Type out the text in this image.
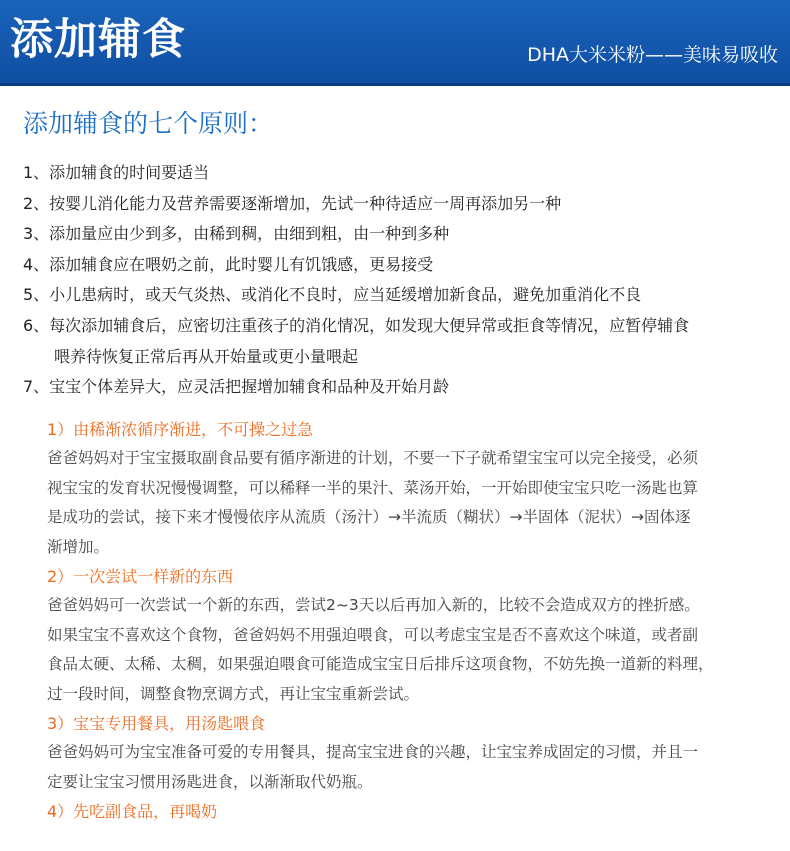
添加辅食	DHA大米米粉——美味易吸收
添加辅食的七个原则：
1、添加辅食的时间要适当
2、按婴儿消化能力及营养需要逐渐增加，先试一种待适应一周再添加另一种
3、添加量应由少到多，由稀到稠，由细到粗，由一种到多种
4、添加辅食应在喂奶之前，此时婴儿有饥饿感，更易接受
5、小儿患病时，或天气炎热、或消化不良时，应当延缓增加新食品，避免加重消化不良
6、每次添加辅食后，应密切注重孩子的消化情况，如发现大便异常或拒食等情况，应暂停辅食
喂养待恢复正常后再从开始量或更小量喂起
7、宝宝个体差异大，应灵活把握增加辅食和品种及开始月龄
1）由稀渐浓循序渐进，不可操之过急
爸爸妈妈对于宝宝摄取副食品要有循序渐进的计划，不要一下子就希望宝宝可以完全接受，必须
视宝宝的发育状况慢慢调整，可以稀释一半的果汁、菜汤开始，一开始即使宝宝只吃一汤匙也算
是成功的尝试，接下来才慢慢依序从流质（汤汁）→半流质（糊状）→半固体（泥状）→固体逐
渐增加。
2）一次尝试一样新的东西
爸爸妈妈可一次尝试一个新的东西，尝试2~3天以后再加入新的，比较不会造成双方的挫折感。
如果宝宝不喜欢这个食物，爸爸妈妈不用强迫喂食，可以考虑宝宝是否不喜欢这个味道，或者副
食品太硬、太稀、太稠，如果强迫喂食可能造成宝宝日后排斥这项食物，不妨先换一道新的料理，
过一段时间，调整食物烹调方式，再让宝宝重新尝试。
3）宝宝专用餐具，用汤匙喂食
爸爸妈妈可为宝宝准备可爱的专用餐具，提高宝宝进食的兴趣，让宝宝养成固定的习惯，并且一
定要让宝宝习惯用汤匙进食，以渐渐取代奶瓶。
4）先吃副食品，再喝奶
